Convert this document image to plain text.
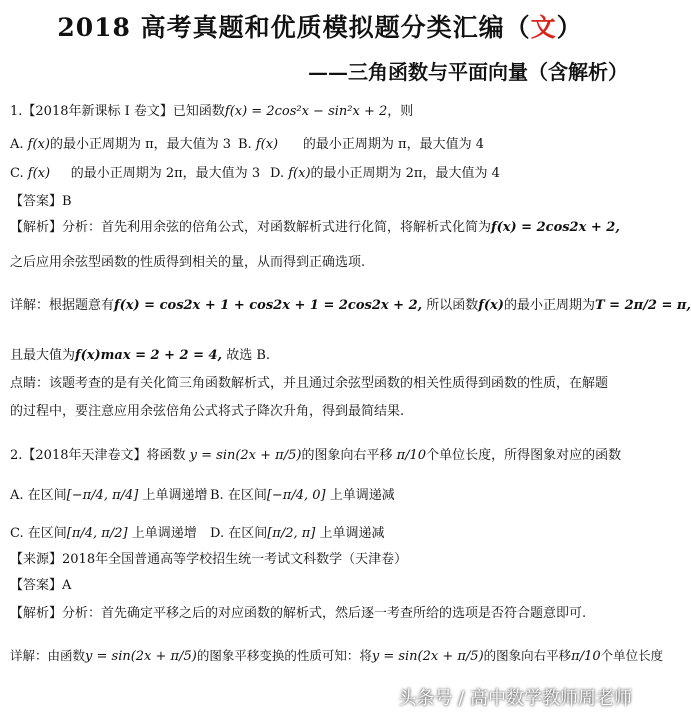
2018 高考真题和优质模拟题分类汇编（文）
——三角函数与平面向量（含解析）
1.【2018年新课标 I 卷文】已知函数f(x) = 2cos²x − sin²x + 2，则
A. f(x)的最小正周期为 π，最大值为 3 B. f(x) 的最小正周期为 π，最大值为 4
C. f(x) 的最小正周期为 2π，最大值为 3 D. f(x)的最小正周期为 2π，最大值为 4
【答案】B
【解析】分析：首先利用余弦的倍角公式，对函数解析式进行化简，将解析式化简为f(x) = 2cos2x + 2,
之后应用余弦型函数的性质得到相关的量，从而得到正确选项.
详解：根据题意有f(x) = cos2x + 1 + cos2x + 1 = 2cos2x + 2, 所以函数f(x)的最小正周期为T = 2π/2 = π,
且最大值为f(x)max = 2 + 2 = 4, 故选 B.
点睛：该题考查的是有关化简三角函数解析式，并且通过余弦型函数的相关性质得到函数的性质，在解题
的过程中，要注意应用余弦倍角公式将式子降次升角，得到最简结果.
2.【2018年天津卷文】将函数 y = sin(2x + π/5)的图象向右平移 π/10个单位长度，所得图象对应的函数
A. 在区间[−π/4, π/4] 上单调递增 B. 在区间[−π/4, 0] 上单调递减
C. 在区间[π/4, π/2] 上单调递增 D. 在区间[π/2, π] 上单调递减
【来源】2018年全国普通高等学校招生统一考试文科数学（天津卷）
【答案】A
【解析】分析：首先确定平移之后的对应函数的解析式，然后逐一考查所给的选项是否符合题意即可.
详解：由函数y = sin(2x + π/5)的图象平移变换的性质可知：将y = sin(2x + π/5)的图象向右平移π/10个单位长度
头条号 / 高中数学教师周老师
